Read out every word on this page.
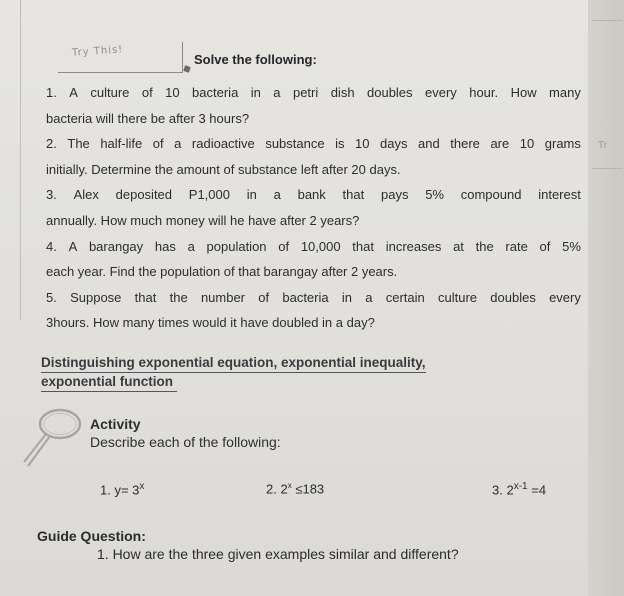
Try This!
Solve the following:
1. A culture of 10 bacteria in a petri dish doubles every hour. How many
bacteria will there be after 3 hours?
2. The half-life of a radioactive substance is 10 days and there are 10 grams
initially. Determine the amount of substance left after 20 days.
3. Alex deposited P1,000 in a bank that pays 5% compound interest
annually. How much money will he have after 2 years?
4. A barangay has a population of 10,000 that increases at the rate of 5%
each year. Find the population of that barangay after 2 years.
5. Suppose that the number of bacteria in a certain culture doubles every
3hours. How many times would it have doubled in a day?
Distinguishing exponential equation, exponential inequality,
exponential function
Activity
Describe each of the following:
1. $y= 3^x$	2. $2^x \le 183$	3. $2^{x-1} =4$
Guide Question:
1. How are the three given examples similar and different?
Tr
